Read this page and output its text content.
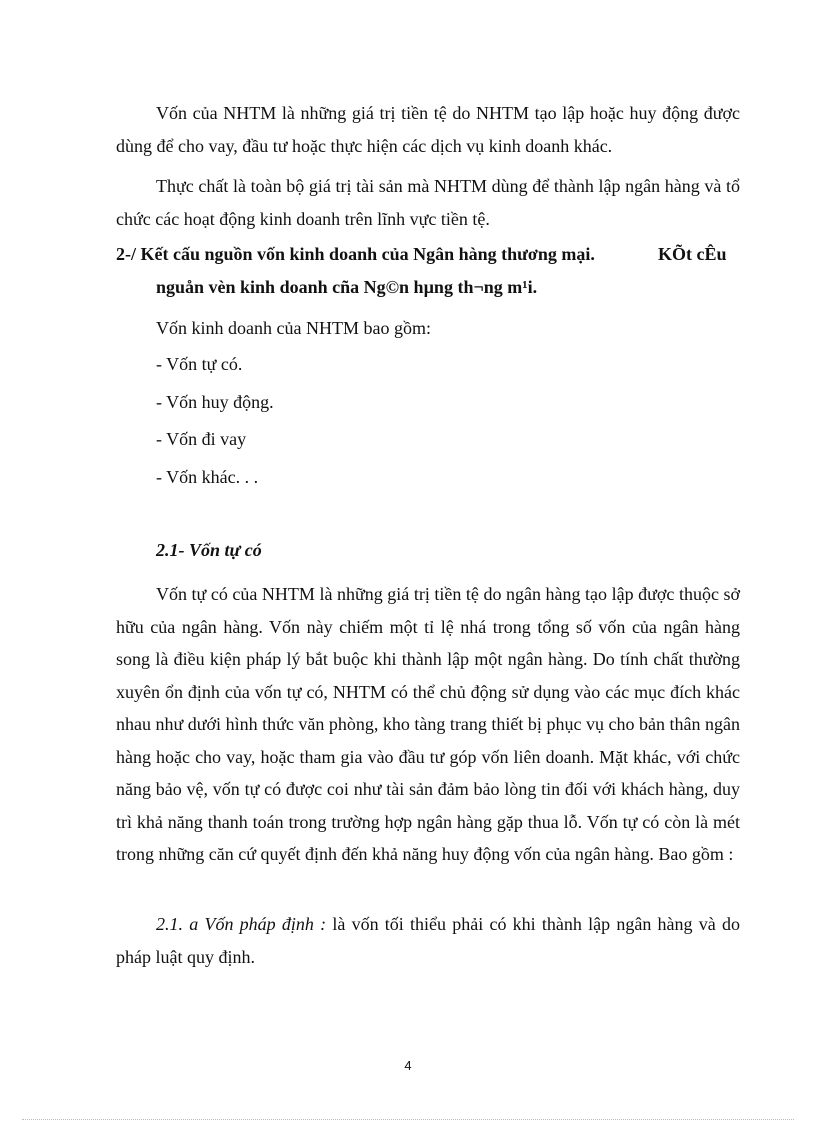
Vốn của NHTM là những giá trị tiền tệ do NHTM tạo lập hoặc huy động được dùng để cho vay, đầu tư hoặc thực hiện các dịch vụ kinh doanh khác.
Thực chất là toàn bộ giá trị tài sản mà NHTM dùng để thành lập ngân hàng và tổ chức các hoạt động kinh doanh trên lĩnh vực tiền tệ.
2-/ Kết cấu nguồn vốn kinh doanh của Ngân hàng thương mại.	KÕt cÊu
nguån vèn kinh doanh cña Ng©n hµng th¬ng m¹i.
Vốn kinh doanh của NHTM bao gồm:
- Vốn tự có.
- Vốn huy động.
- Vốn đi vay
- Vốn khác. . .
2.1- Vốn tự có
Vốn tự có của NHTM là những giá trị tiền tệ do ngân hàng tạo lập được thuộc sở hữu của ngân hàng. Vốn này chiếm một tỉ lệ nhá trong tổng số vốn của ngân hàng song là điều kiện pháp lý bắt buộc khi thành lập một ngân hàng. Do tính chất thường xuyên ổn định của vốn tự có, NHTM có thể chủ động sử dụng vào các mục đích khác nhau như dưới hình thức văn phòng, kho tàng trang thiết bị phục vụ cho bản thân ngân hàng hoặc cho vay, hoặc tham gia vào đầu tư góp vốn liên doanh. Mặt khác, với chức năng bảo vệ, vốn tự có được coi như tài sản đảm bảo lòng tin đối với khách hàng, duy trì khả năng thanh toán trong trường hợp ngân hàng gặp thua lỗ. Vốn tự có còn là mét trong những căn cứ quyết định đến khả năng huy động vốn của ngân hàng. Bao gồm :
2.1. a Vốn pháp định : là vốn tối thiểu phải có khi thành lập ngân hàng và do pháp luật quy định.
4
